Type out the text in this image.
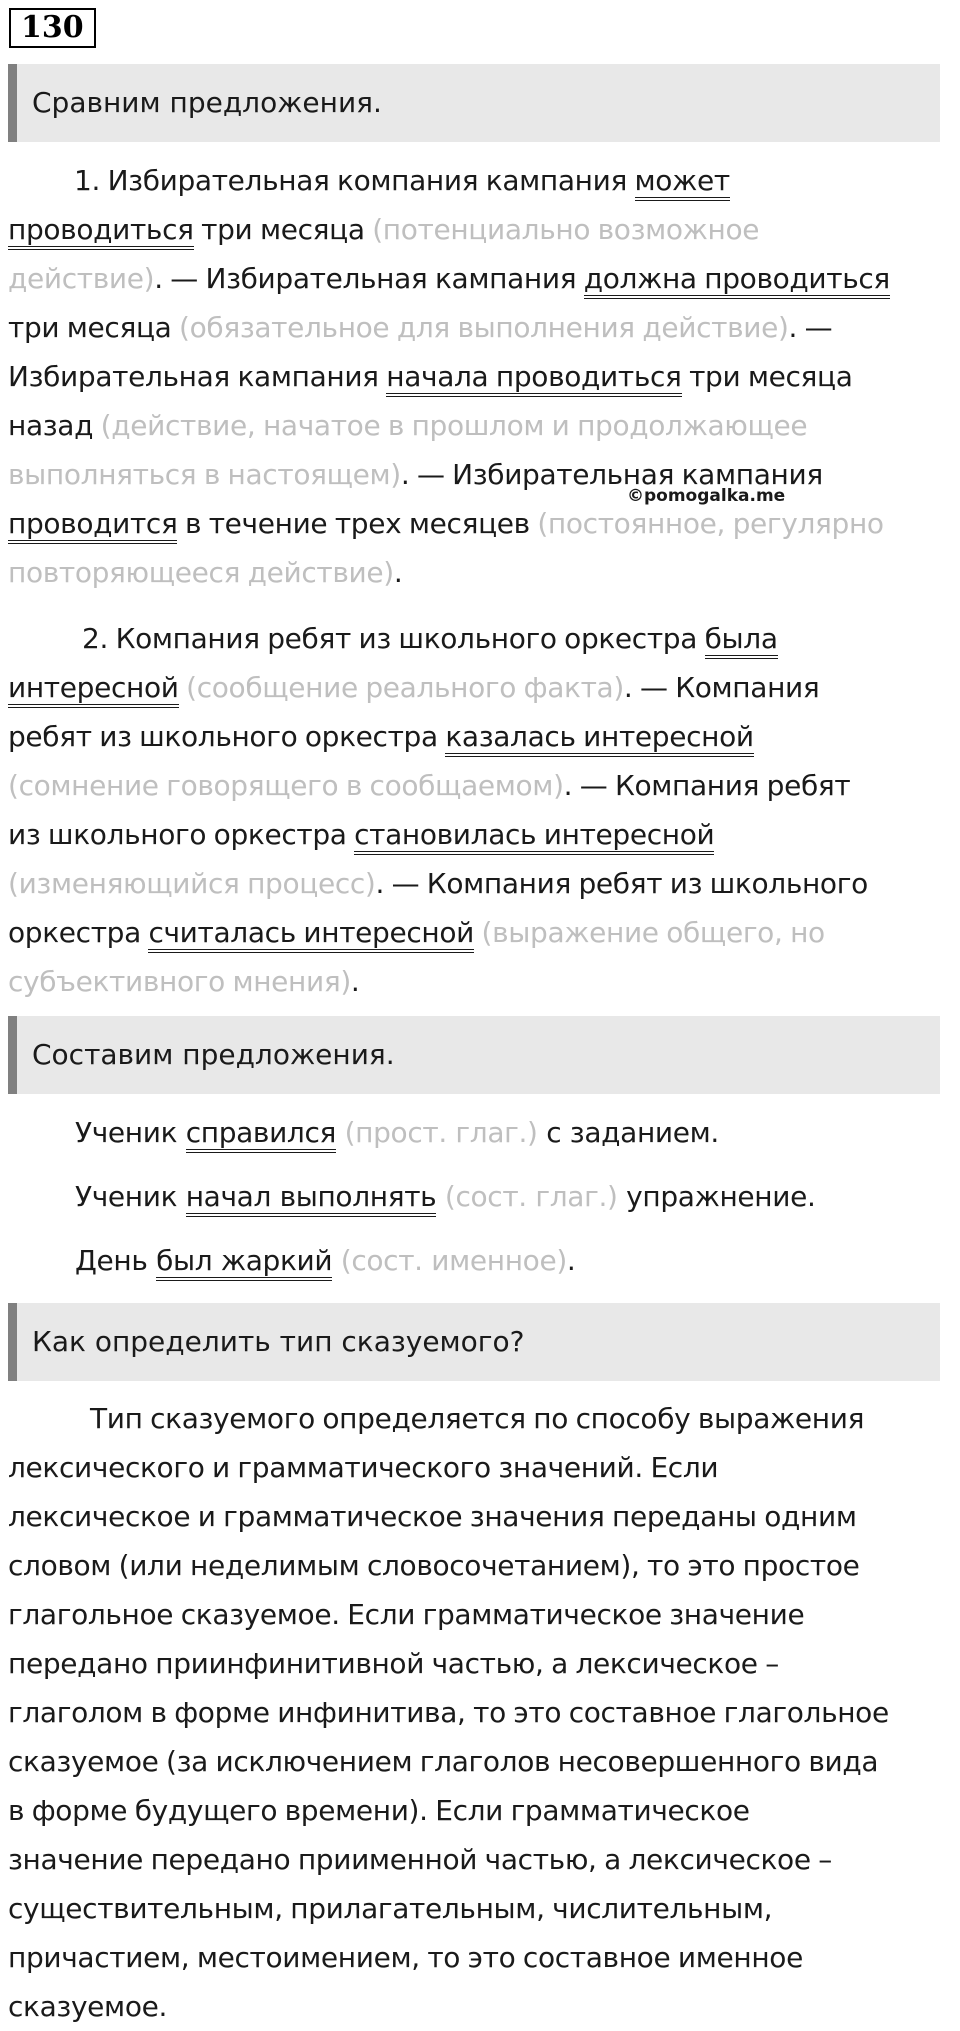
130
Сравним предложения.
1. Избирательная компания кампания может
проводиться три месяца (потенциально возможное
действие). — Избирательная кампания должна проводиться
три месяца (обязательное для выполнения действие). —
Избирательная кампания начала проводиться три месяца
назад (действие, начатое в прошлом и продолжающее
выполняться в настоящем). — Избирательная кампания
проводится в течение трех месяцев (постоянное, регулярно
повторяющееся действие).
©pomogalka.me
2. Компания ребят из школьного оркестра была
интересной (сообщение реального факта). — Компания
ребят из школьного оркестра казалась интересной
(сомнение говорящего в сообщаемом). — Компания ребят
из школьного оркестра становилась интересной
(изменяющийся процесс). — Компания ребят из школьного
оркестра считалась интересной (выражение общего, но
субъективного мнения).
Составим предложения.
Ученик справился (прост. глаг.) с заданием.
Ученик начал выполнять (сост. глаг.) упражнение.
День был жаркий (сост. именное).
Как определить тип сказуемого?
Тип сказуемого определяется по способу выражения
лексического и грамматического значений. Если
лексическое и грамматическое значения переданы одним
словом (или неделимым словосочетанием), то это простое
глагольное сказуемое. Если грамматическое значение
передано приинфинитивной частью, а лексическое –
глаголом в форме инфинитива, то это составное глагольное
сказуемое (за исключением глаголов несовершенного вида
в форме будущего времени). Если грамматическое
значение передано приименной частью, а лексическое –
существительным, прилагательным, числительным,
причастием, местоимением, то это составное именное
сказуемое.
